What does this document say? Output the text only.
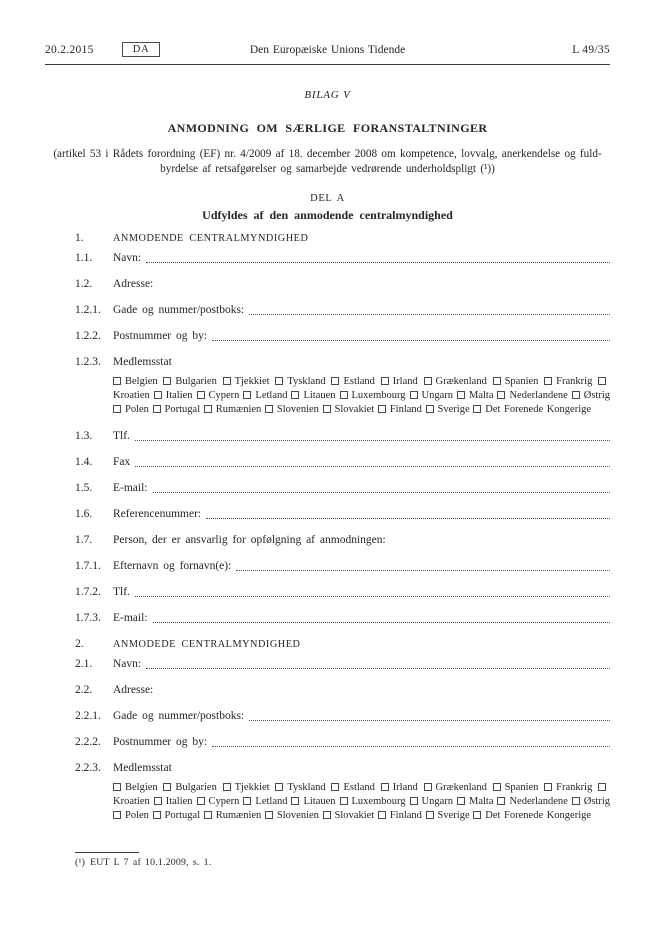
20.2.2015	DA	Den Europæiske Unions Tidende	L 49/35
BILAG V
ANMODNING OM SÆRLIGE FORANSTALTNINGER
(artikel 53 i Rådets forordning (EF) nr. 4/2009 af 18. december 2008 om kompetence, lovvalg, anerkendelse og fuld-
byrdelse af retsafgørelser og samarbejde vedrørende underholdspligt (¹))
DEL A
Udfyldes af den anmodende centralmyndighed
1.	ANMODENDE CENTRALMYNDIGHED
1.1.	Navn:
1.2.	Adresse:
1.2.1.	Gade og nummer/postboks:
1.2.2.	Postnummer og by:
1.2.3.	Medlemsstat
Belgien Bulgarien Tjekkiet Tyskland Estland Irland Grækenland Spanien Frankrig Kroatien Italien Cypern Letland Litauen Luxembourg Ungarn Malta Nederlandene Østrig Polen Portugal Rumænien Slovenien Slovakiet Finland Sverige Det Forenede Kongerige
1.3.	Tlf.
1.4.	Fax
1.5.	E-mail:
1.6.	Referencenummer:
1.7.	Person, der er ansvarlig for opfølgning af anmodningen:
1.7.1.	Efternavn og fornavn(e):
1.7.2.	Tlf.
1.7.3.	E-mail:
2.	ANMODEDE CENTRALMYNDIGHED
2.1.	Navn:
2.2.	Adresse:
2.2.1.	Gade og nummer/postboks:
2.2.2.	Postnummer og by:
2.2.3.	Medlemsstat
Belgien Bulgarien Tjekkiet Tyskland Estland Irland Grækenland Spanien Frankrig Kroatien Italien Cypern Letland Litauen Luxembourg Ungarn Malta Nederlandene Østrig Polen Portugal Rumænien Slovenien Slovakiet Finland Sverige Det Forenede Kongerige
(¹) EUT L 7 af 10.1.2009, s. 1.
